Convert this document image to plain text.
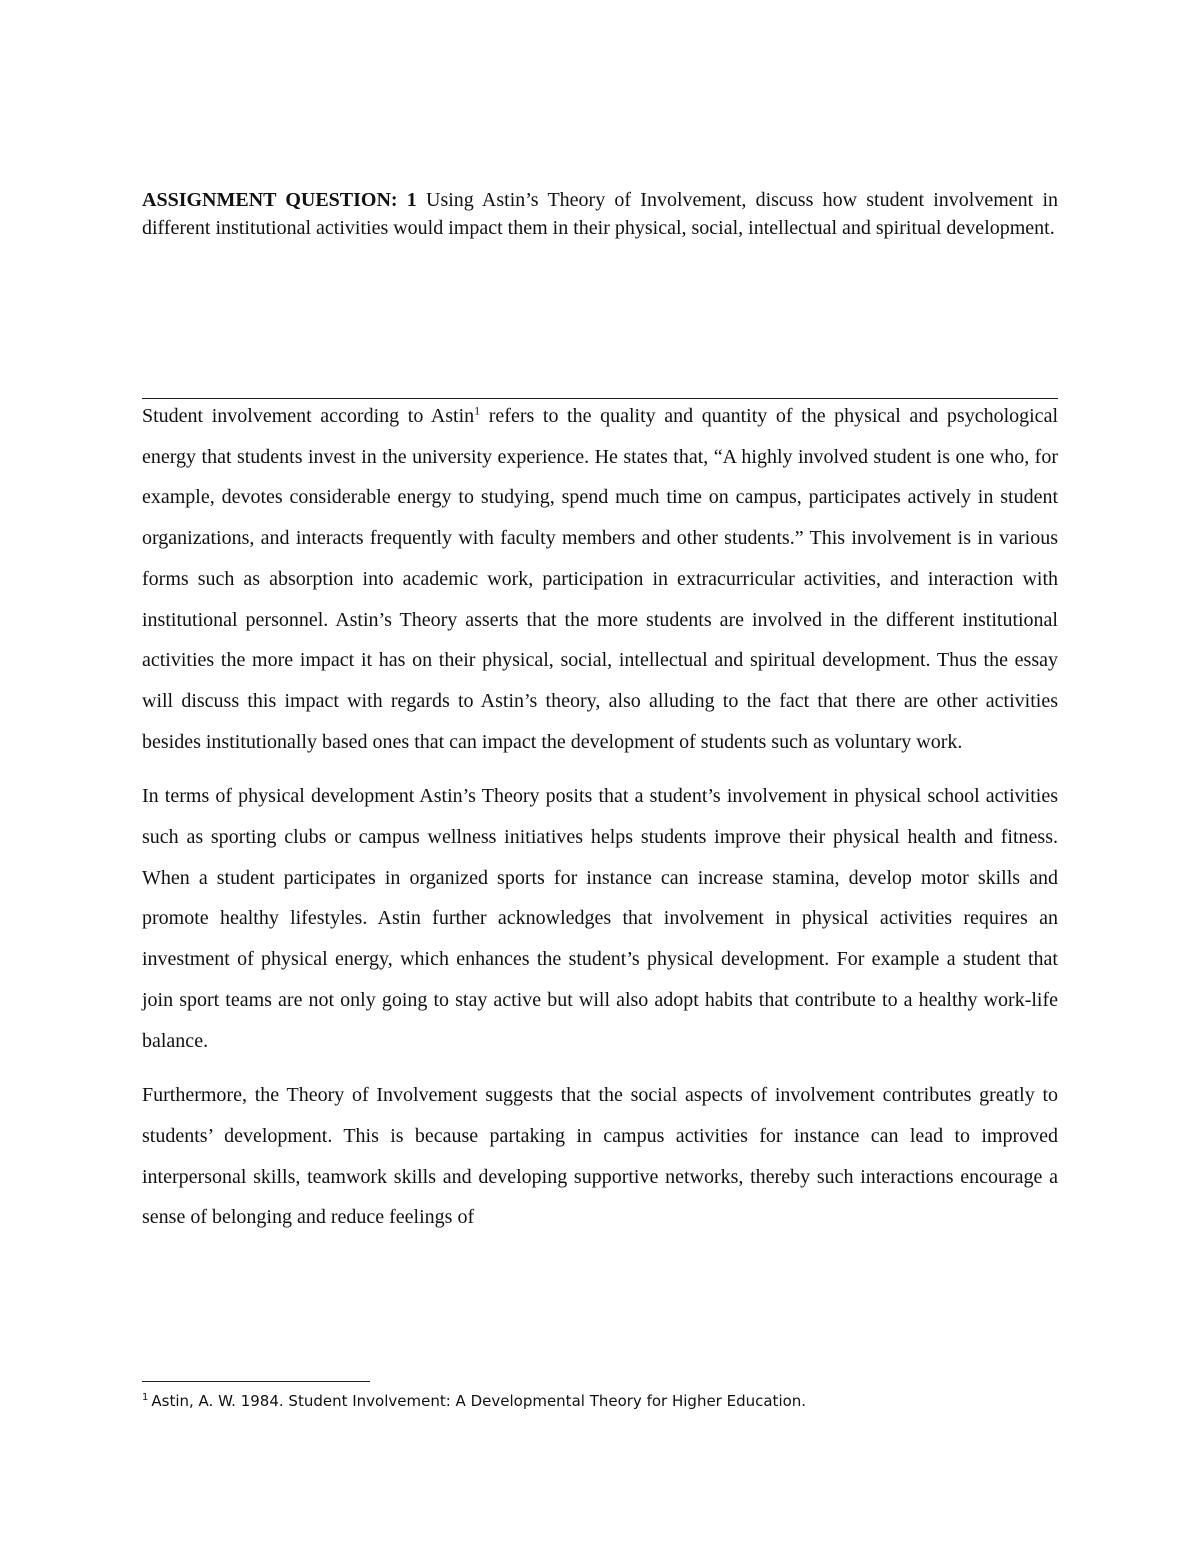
ASSIGNMENT QUESTION: 1 Using Astin’s Theory of Involvement, discuss how student involvement in different institutional activities would impact them in their physical, social, intellectual and spiritual development.

Student involvement according to Astin$^1$ refers to the quality and quantity of the physical and psychological energy that students invest in the university experience. He states that, “A highly involved student is one who, for example, devotes considerable energy to studying, spend much time on campus, participates actively in student organizations, and interacts frequently with faculty members and other students.” This involvement is in various forms such as absorption into academic work, participation in extracurricular activities, and interaction with institutional personnel. Astin’s Theory asserts that the more students are involved in the different institutional activities the more impact it has on their physical, social, intellectual and spiritual development. Thus the essay will discuss this impact with regards to Astin’s theory, also alluding to the fact that there are other activities besides institutionally based ones that can impact the development of students such as voluntary work.

In terms of physical development Astin’s Theory posits that a student’s involvement in physical school activities such as sporting clubs or campus wellness initiatives helps students improve their physical health and fitness. When a student participates in organized sports for instance can increase stamina, develop motor skills and promote healthy lifestyles. Astin further acknowledges that involvement in physical activities requires an investment of physical energy, which enhances the student’s physical development. For example a student that join sport teams are not only going to stay active but will also adopt habits that contribute to a healthy work-life balance.

Furthermore, the Theory of Involvement suggests that the social aspects of involvement contributes greatly to students’ development. This is because partaking in campus activities for instance can lead to improved interpersonal skills, teamwork skills and developing supportive networks, thereby such interactions encourage a sense of belonging and reduce feelings of

$^1$ Astin, A. W. 1984. Student Involvement: A Developmental Theory for Higher Education.
